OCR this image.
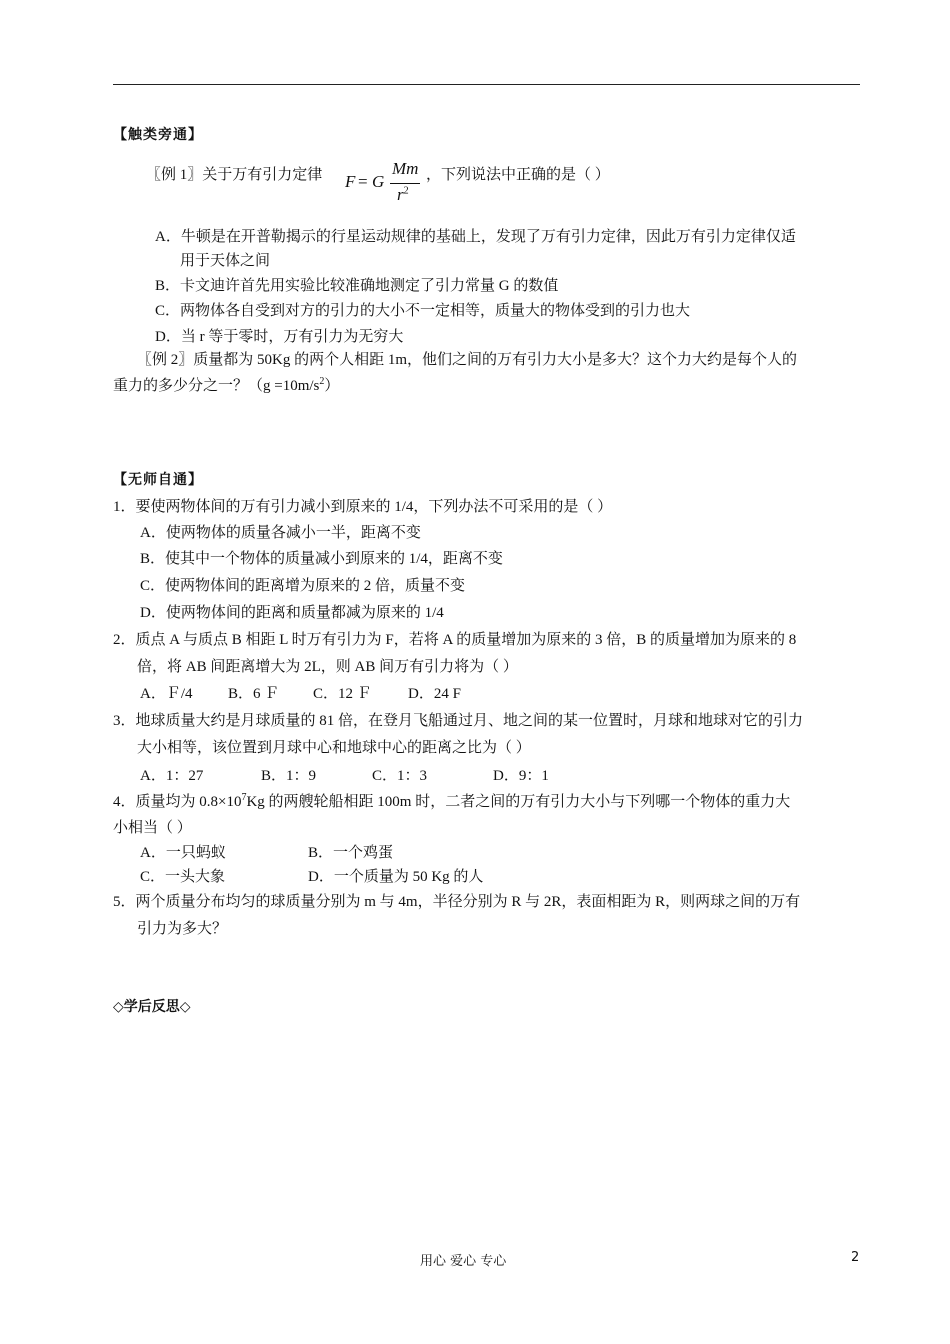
【触类旁通】
〖例 1〗关于万有引力定律 F = G
Mm
$r^2$
，下列说法中正确的是（ ）
A．牛顿是在开普勒揭示的行星运动规律的基础上，发现了万有引力定律，因此万有引力定律仅适
用于天体之间
B．卡文迪许首先用实验比较准确地测定了引力常量 G 的数值
C．两物体各自受到对方的引力的大小不一定相等，质量大的物体受到的引力也大
D．当 r 等于零时，万有引力为无穷大
〖例 2〗质量都为 50Kg 的两个人相距 1m，他们之间的万有引力大小是多大？这个力大约是每个人的
重力的多少分之一？$(g =10m/s^2)$
【无师自通】
1．要使两物体间的万有引力减小到原来的 1/4，下列办法不可采用的是（ ）
A．使两物体的质量各减小一半，距离不变
B．使其中一个物体的质量减小到原来的 1/4，距离不变
C．使两物体间的距离增为原来的 2 倍，质量不变
D．使两物体间的距离和质量都减为原来的 1/4
2．质点 A 与质点 B 相距 L 时万有引力为 F，若将 A 的质量增加为原来的 3 倍，B 的质量增加为原来的 8
倍，将 AB 间距离增大为 2L，则 AB 间万有引力将为（ ）
A．Ｆ/4 B．6 Ｆ C．12 Ｆ D．24 F
3．地球质量大约是月球质量的 81 倍，在登月飞船通过月、地之间的某一位置时，月球和地球对它的引力
大小相等，该位置到月球中心和地球中心的距离之比为（ ）
A．1：27	B．1：9	C．1：3	D．9：1
4．质量均为 $0.8\times 10^7Kg$ 的两艘轮船相距 100m 时，二者之间的万有引力大小与下列哪一个物体的重力大
小相当（ ）
A．一只蚂蚁	B．一个鸡蛋
C．一头大象	D．一个质量为 50 Kg 的人
5．两个质量分布均匀的球质量分别为 m 与 4m，半径分别为 R 与 2R，表面相距为 R，则两球之间的万有
引力为多大？
◇学后反思◇
用心 爱心 专心	2
